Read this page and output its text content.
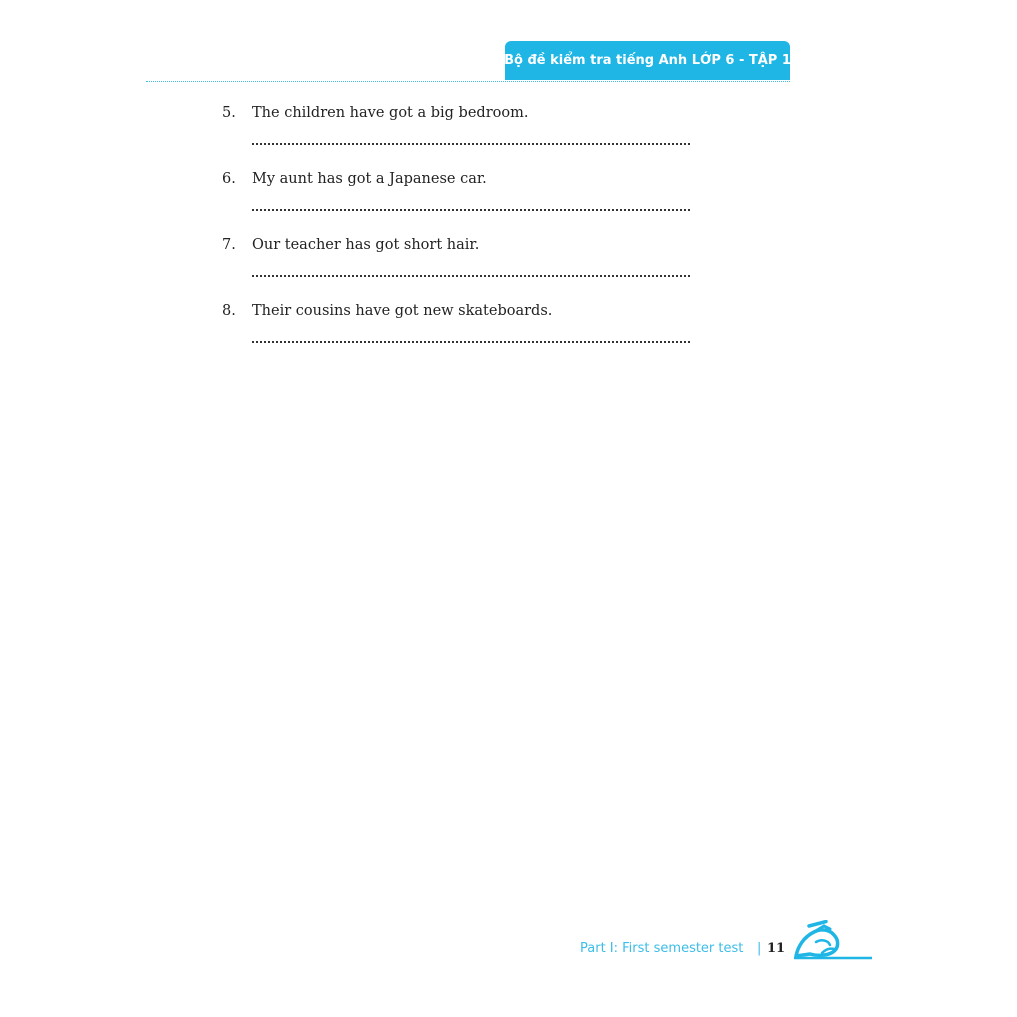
Bộ đề kiểm tra tiếng Anh LỚP 6 - TẬP 1
5. The children have got a big bedroom.
6. My aunt has got a Japanese car.
7. Our teacher has got short hair.
8. Their cousins have got new skateboards.
Part I: First semester test | 11
